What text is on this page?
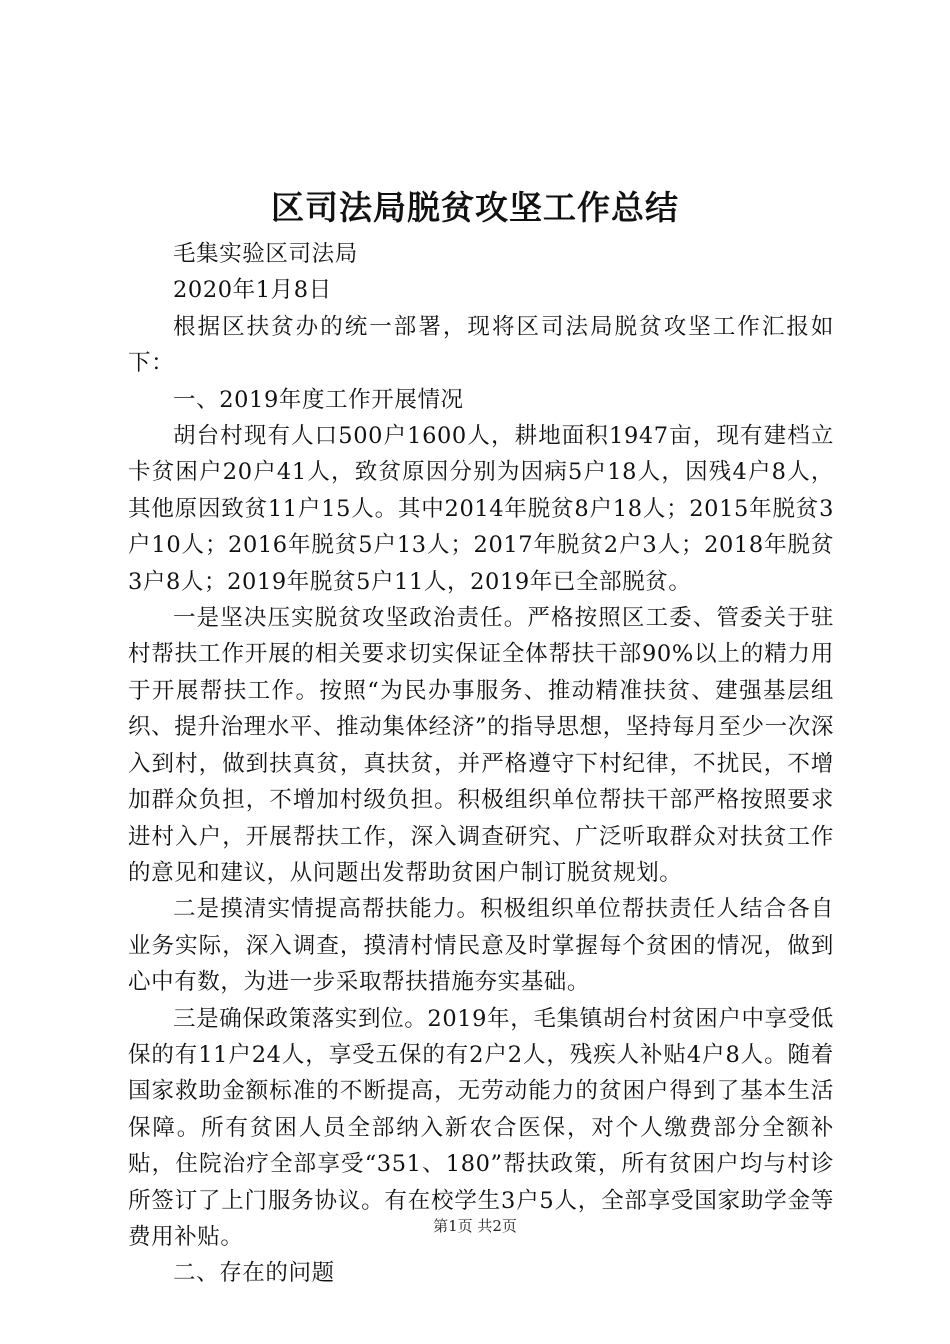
区司法局脱贫攻坚工作总结

毛集实验区司法局

2020年1月8日

根据区扶贫办的统一部署，现将区司法局脱贫攻坚工作汇报如下：

一、2019年度工作开展情况

胡台村现有人口500户1600人，耕地面积1947亩，现有建档立卡贫困户20户41人，致贫原因分别为因病5户18人，因残4户8人，其他原因致贫11户15人。其中2014年脱贫8户18人；2015年脱贫3户10人；2016年脱贫5户13人；2017年脱贫2户3人；2018年脱贫3户8人；2019年脱贫5户11人，2019年已全部脱贫。

一是坚决压实脱贫攻坚政治责任。严格按照区工委、管委关于驻村帮扶工作开展的相关要求切实保证全体帮扶干部90%以上的精力用于开展帮扶工作。按照“为民办事服务、推动精准扶贫、建强基层组织、提升治理水平、推动集体经济”的指导思想，坚持每月至少一次深入到村，做到扶真贫，真扶贫，并严格遵守下村纪律，不扰民，不增加群众负担，不增加村级负担。积极组织单位帮扶干部严格按照要求进村入户，开展帮扶工作，深入调查研究、广泛听取群众对扶贫工作的意见和建议，从问题出发帮助贫困户制订脱贫规划。

二是摸清实情提高帮扶能力。积极组织单位帮扶责任人结合各自业务实际，深入调查，摸清村情民意及时掌握每个贫困的情况，做到心中有数，为进一步采取帮扶措施夯实基础。

三是确保政策落实到位。2019年，毛集镇胡台村贫困户中享受低保的有11户24人，享受五保的有2户2人，残疾人补贴4户8人。随着国家救助金额标准的不断提高，无劳动能力的贫困户得到了基本生活保障。所有贫困人员全部纳入新农合医保，对个人缴费部分全额补贴，住院治疗全部享受“351、180”帮扶政策，所有贫困户均与村诊所签订了上门服务协议。有在校学生3户5人，全部享受国家助学金等费用补贴。

二、存在的问题

第1页 共2页
